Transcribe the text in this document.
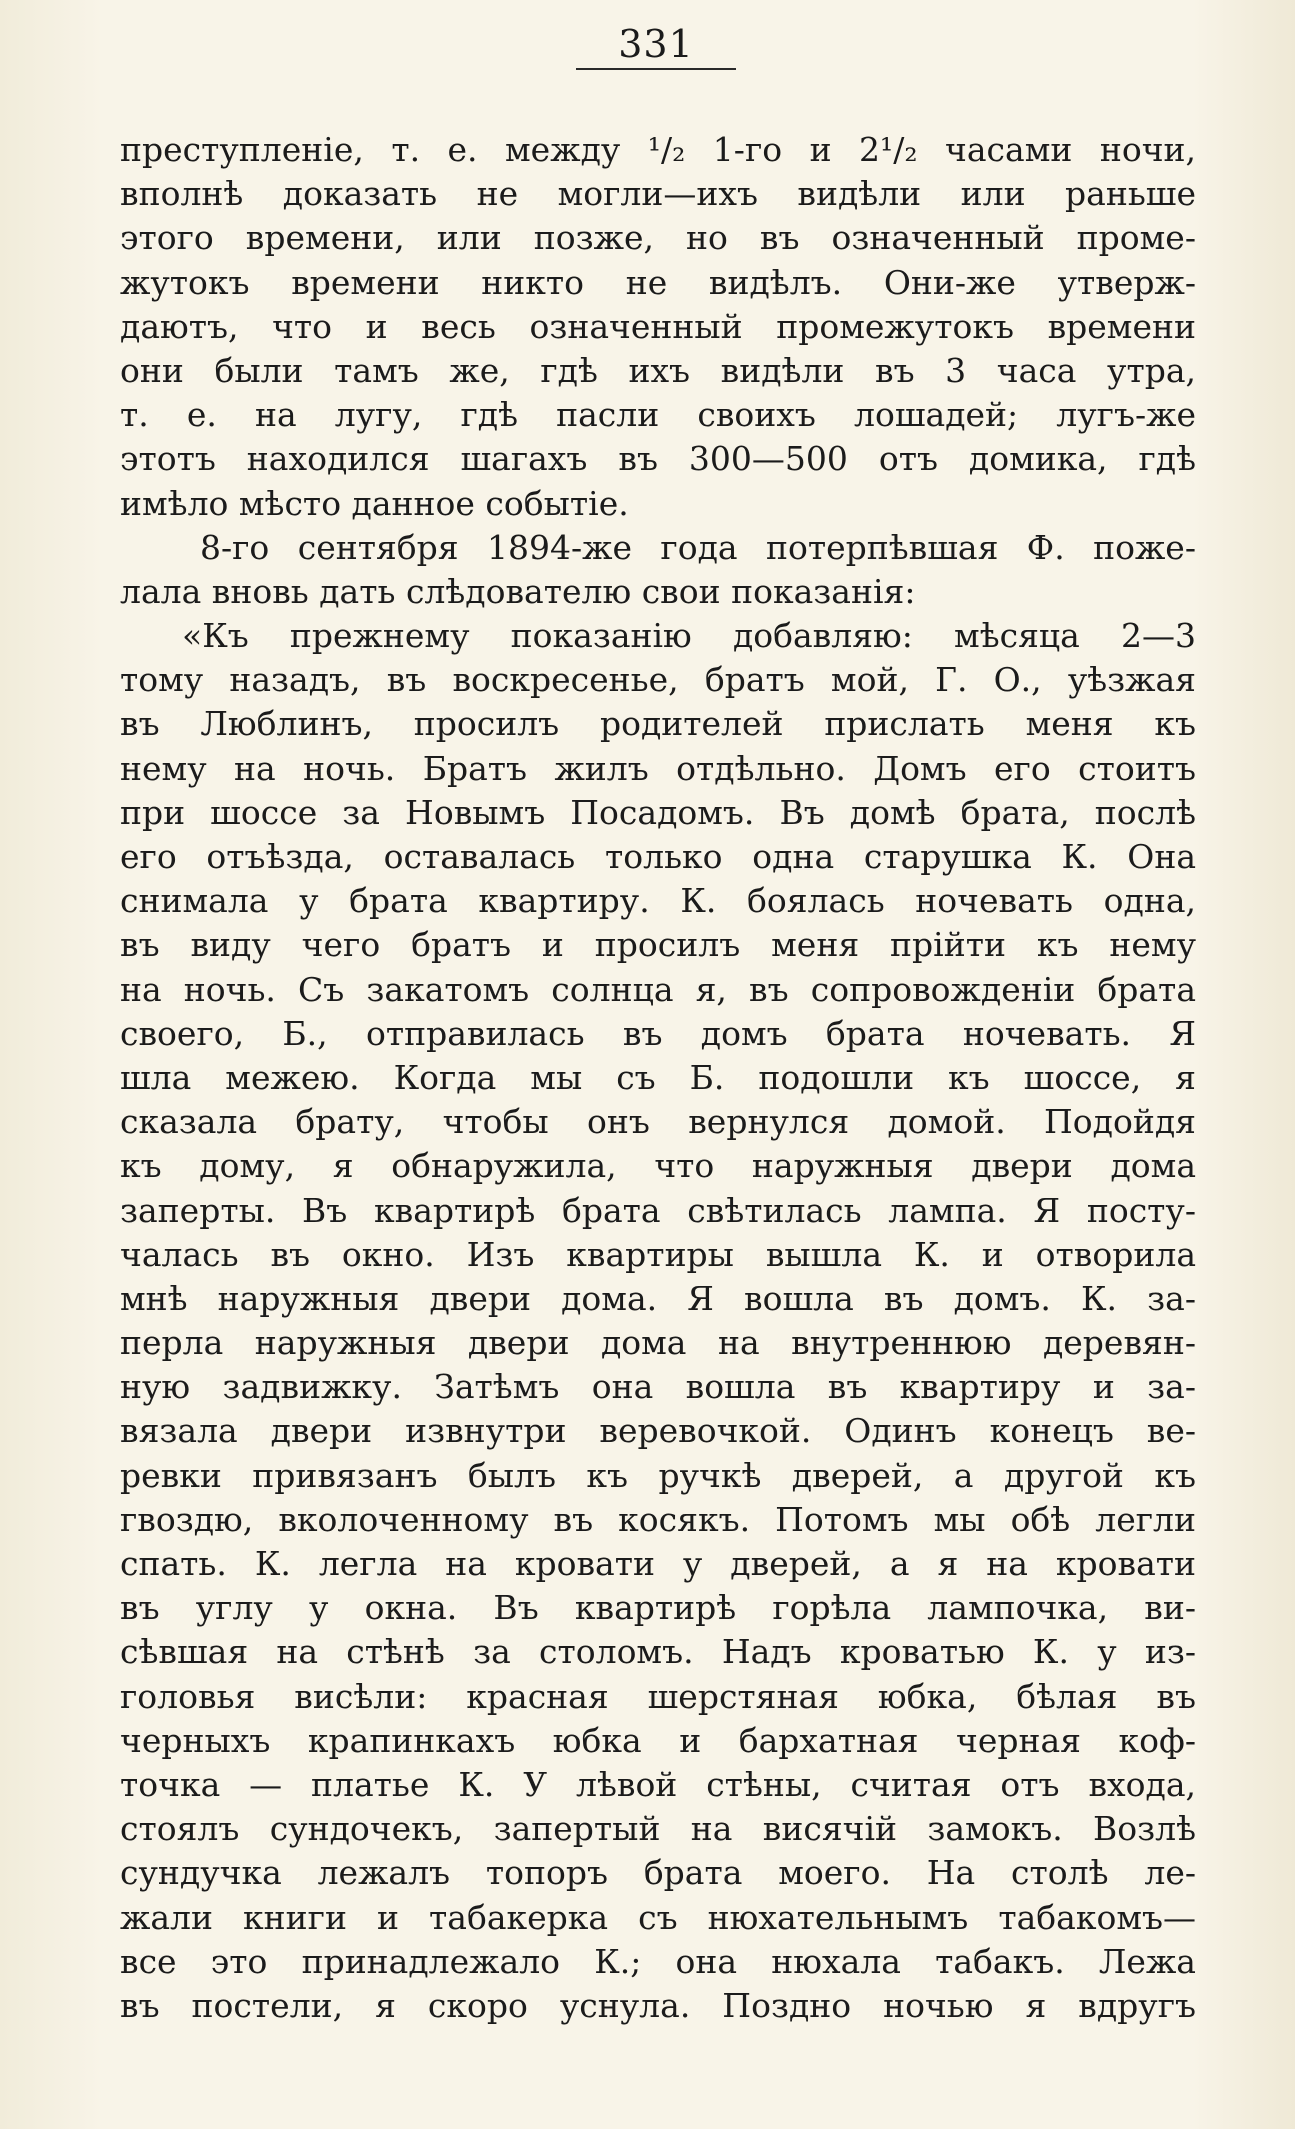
331
преступленіе, т. е. между ¹/₂ 1-го и 2¹/₂ часами ночи,
вполнѣ доказать не могли—ихъ видѣли или раньше
этого времени, или позже, но въ означенный проме-
жутокъ времени никто не видѣлъ. Они-же утверж-
даютъ, что и весь означенный промежутокъ времени
они были тамъ же, гдѣ ихъ видѣли въ 3 часа утра,
т. е. на лугу, гдѣ пасли своихъ лошадей; лугъ-же
этотъ находился шагахъ въ 300—500 отъ домика, гдѣ
имѣло мѣсто данное событіе.
8-го сентября 1894-же года потерпѣвшая Ф. поже-
лала вновь дать слѣдователю свои показанія:
«Къ прежнему показанію добавляю: мѣсяца 2—3
тому назадъ, въ воскресенье, братъ мой, Г. О., уѣзжая
въ Люблинъ, просилъ родителей прислать меня къ
нему на ночь. Братъ жилъ отдѣльно. Домъ его стоитъ
при шоссе за Новымъ Посадомъ. Въ домѣ брата, послѣ
его отъѣзда, оставалась только одна старушка К. Она
снимала у брата квартиру. К. боялась ночевать одна,
въ виду чего братъ и просилъ меня прійти къ нему
на ночь. Съ закатомъ солнца я, въ сопровожденіи брата
своего, Б., отправилась въ домъ брата ночевать. Я
шла межею. Когда мы съ Б. подошли къ шоссе, я
сказала брату, чтобы онъ вернулся домой. Подойдя
къ дому, я обнаружила, что наружныя двери дома
заперты. Въ квартирѣ брата свѣтилась лампа. Я посту-
чалась въ окно. Изъ квартиры вышла К. и отворила
мнѣ наружныя двери дома. Я вошла въ домъ. К. за-
перла наружныя двери дома на внутреннюю деревян-
ную задвижку. Затѣмъ она вошла въ квартиру и за-
вязала двери извнутри веревочкой. Одинъ конецъ ве-
ревки привязанъ былъ къ ручкѣ дверей, а другой къ
гвоздю, вколоченному въ косякъ. Потомъ мы обѣ легли
спать. К. легла на кровати у дверей, а я на кровати
въ углу у окна. Въ квартирѣ горѣла лампочка, ви-
сѣвшая на стѣнѣ за столомъ. Надъ кроватью К. у из-
головья висѣли: красная шерстяная юбка, бѣлая въ
черныхъ крапинкахъ юбка и бархатная черная коф-
точка — платье К. У лѣвой стѣны, считая отъ входа,
стоялъ сундочекъ, запертый на висячій замокъ. Возлѣ
сундучка лежалъ топоръ брата моего. На столѣ ле-
жали книги и табакерка съ нюхательнымъ табакомъ—
все это принадлежало К.; она нюхала табакъ. Лежа
въ постели, я скоро уснула. Поздно ночью я вдругъ
